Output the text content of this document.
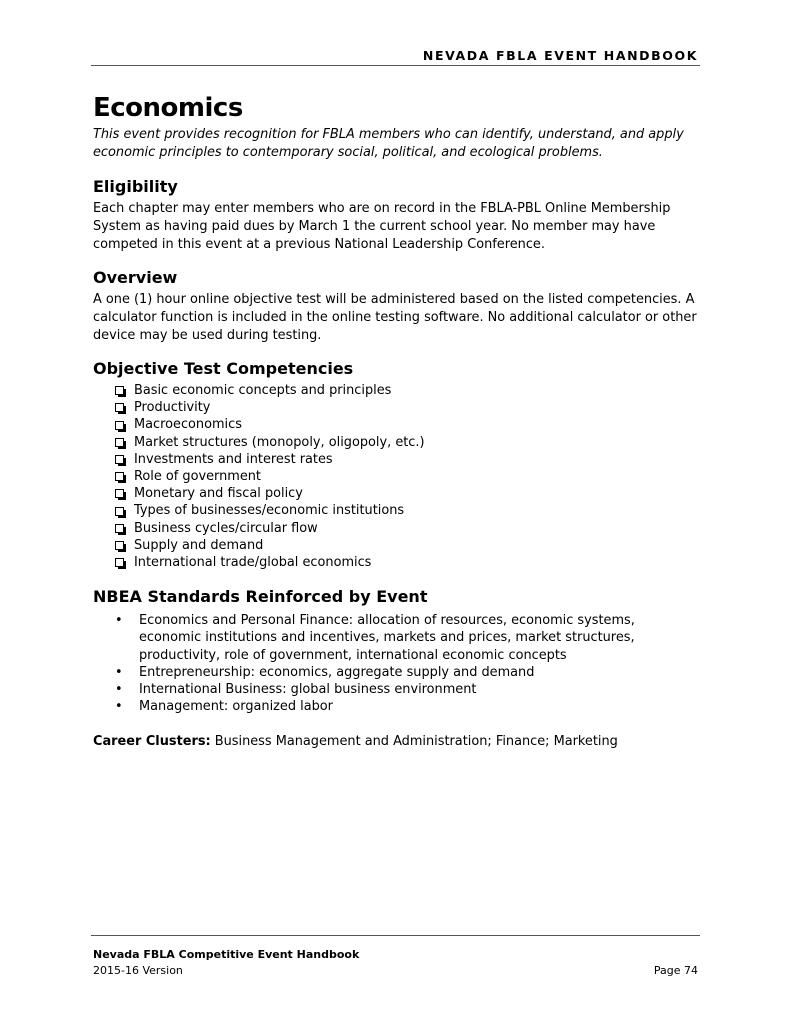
NEVADA FBLA EVENT HANDBOOK
Economics

This event provides recognition for FBLA members who can identify, understand, and apply economic principles to contemporary social, political, and ecological problems.

Eligibility

Each chapter may enter members who are on record in the FBLA-PBL Online Membership System as having paid dues by March 1 the current school year. No member may have competed in this event at a previous National Leadership Conference.

Overview

A one (1) hour online objective test will be administered based on the listed competencies. A calculator function is included in the online testing software. No additional calculator or other device may be used during testing.

Objective Test Competencies
Basic economic concepts and principles
Productivity
Macroeconomics
Market structures (monopoly, oligopoly, etc.)
Investments and interest rates
Role of government
Monetary and fiscal policy
Types of businesses/economic institutions
Business cycles/circular flow
Supply and demand
International trade/global economics
NBEA Standards Reinforced by Event
• Economics and Personal Finance: allocation of resources, economic systems, economic institutions and incentives, markets and prices, market structures, productivity, role of government, international economic concepts
• Entrepreneurship: economics, aggregate supply and demand
• International Business: global business environment
• Management: organized labor
Career Clusters: Business Management and Administration; Finance; Marketing
Nevada FBLA Competitive Event Handbook
2015-16 Version	Page 74
